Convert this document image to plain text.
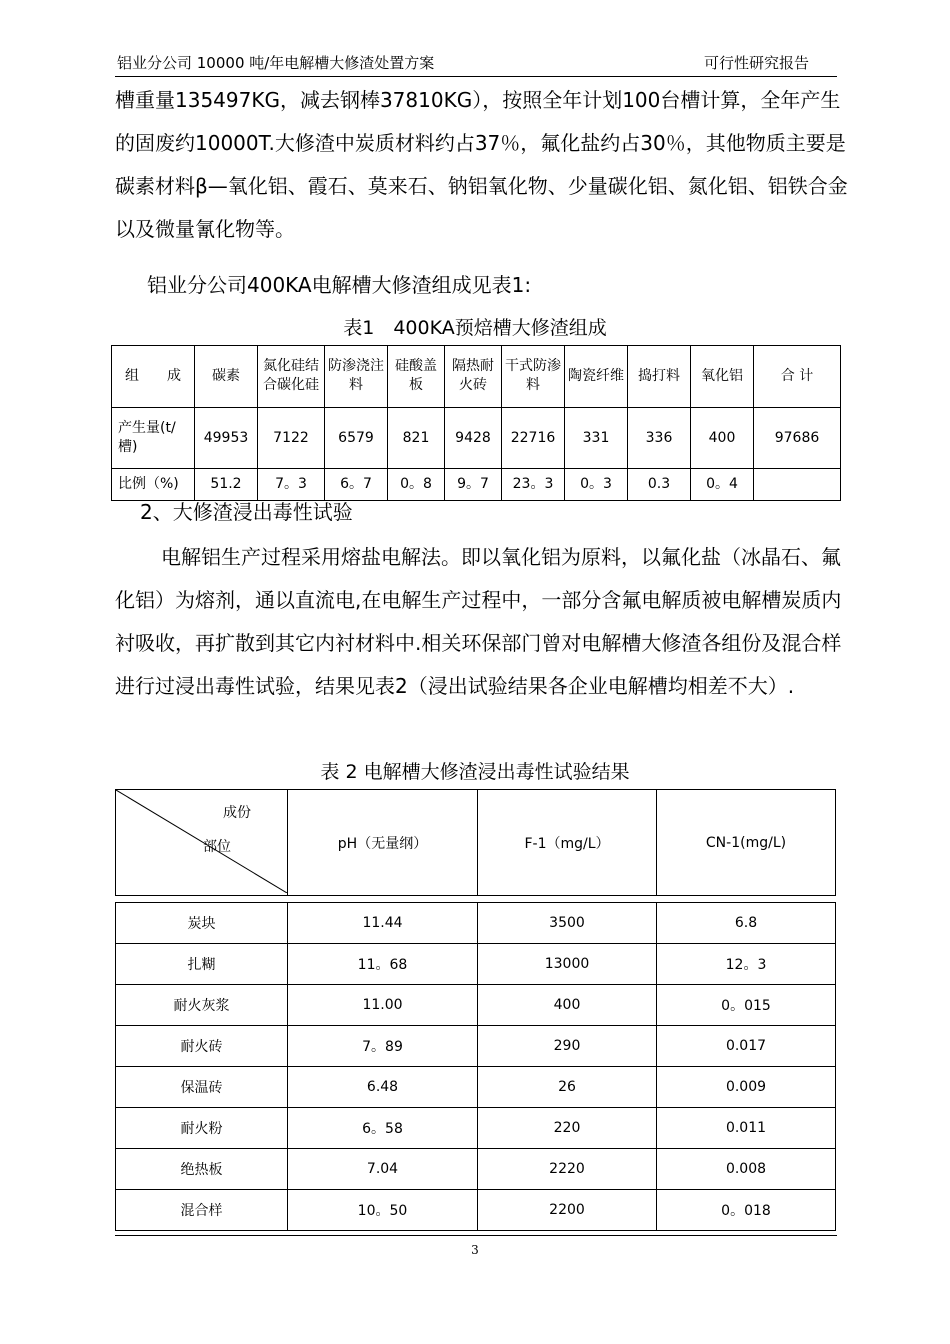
铝业分公司 10000 吨/年电解槽大修渣处置方案	可行性研究报告
槽重量135497KG，减去钢棒37810KG），按照全年计划100台槽计算，全年产生的固废约10000T.大修渣中炭质材料约占37％，氟化盐约占30％，其他物质主要是碳素材料β—氧化铝、霞石、莫来石、钠铝氧化物、少量碳化铝、氮化铝、铝铁合金以及微量氰化物等。
铝业分公司400KA电解槽大修渣组成见表1:
表1　400KA预焙槽大修渣组成
组　　成	碳素	氮化硅结合碳化硅	防渗浇注料	硅酸盖板	隔热耐火砖	干式防渗料	陶瓷纤维	捣打料	氧化铝	合 计
产生量(t/槽)	49953	7122	6579	821	9428	22716	331	336	400	97686
比例（%)	51.2	7。3	6。7	0。8	9。7	23。3	0。3	0.3	0。4	
2、大修渣浸出毒性试验
电解铝生产过程采用熔盐电解法。即以氧化铝为原料，以氟化盐（冰晶石、氟化铝）为熔剂，通以直流电,在电解生产过程中，一部分含氟电解质被电解槽炭质内衬吸收，再扩散到其它内衬材料中.相关环保部门曾对电解槽大修渣各组份及混合样进行过浸出毒性试验，结果见表2（浸出试验结果各企业电解槽均相差不大）.
表 2 电解槽大修渣浸出毒性试验结果
成份
部位	pH（无量纲）	F-1（mg/L）	CN-1(mg/L)

炭块	11.44	3500	6.8
扎糊	11。68	13000	12。3
耐火灰浆	11.00	400	0。015
耐火砖	7。89	290	0.017
保温砖	6.48	26	0.009
耐火粉	6。58	220	0.011
绝热板	7.04	2220	0.008
混合样	10。50	2200	0。018
3
